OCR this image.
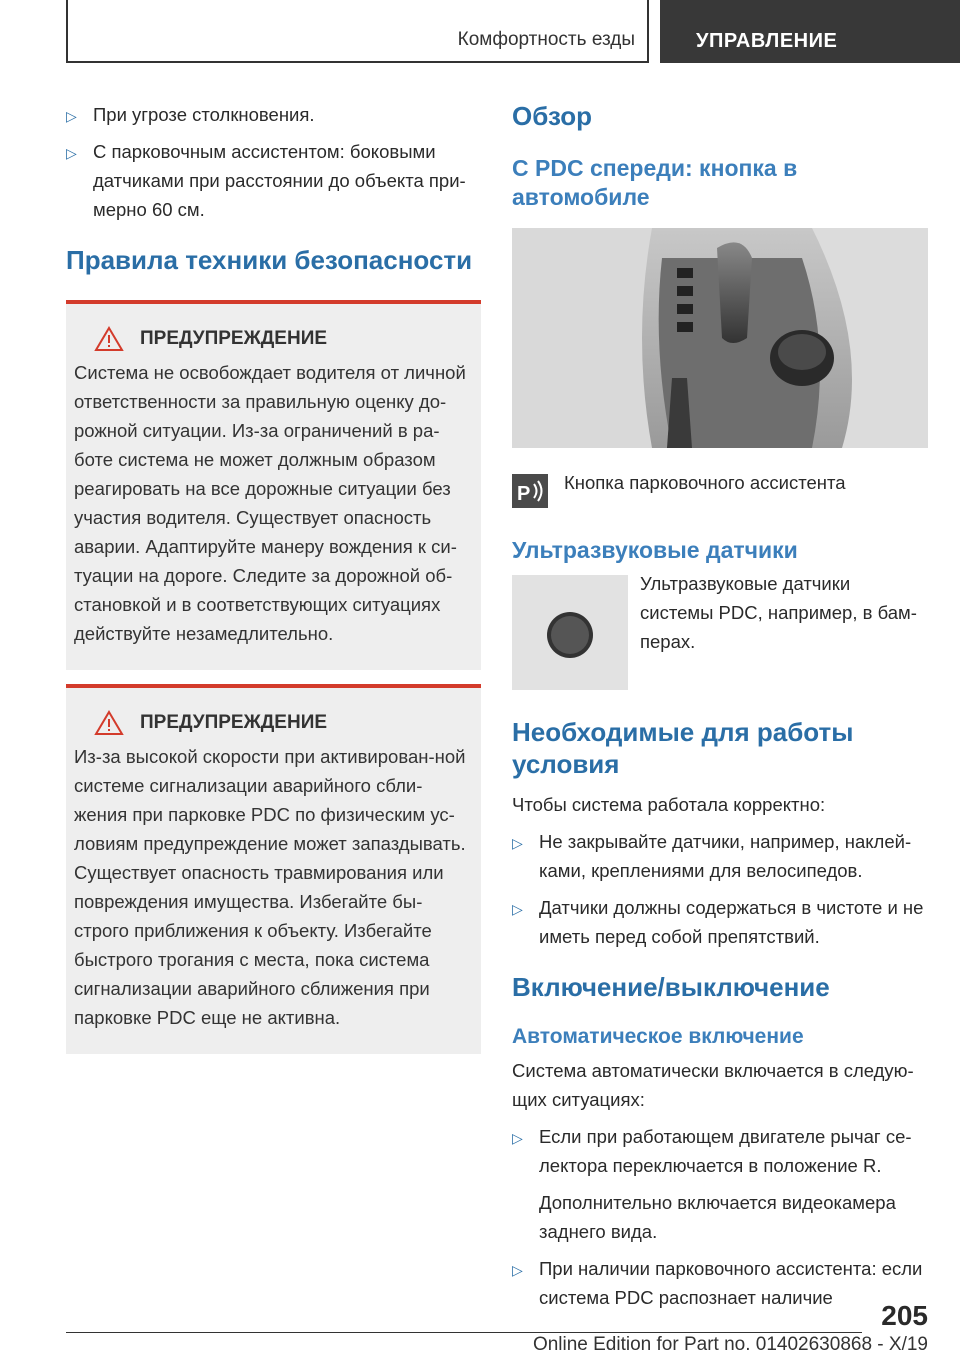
Комфортность езды	УПРАВЛЕНИЕ
▷ При угрозе столкновения.
▷ С парковочным ассистентом: боковыми датчиками при расстоянии до объекта при-мерно 60 см.
Правила техники безопасности
ПРЕДУПРЕЖДЕНИЕ
Система не освобождает водителя от личной ответственности за правильную оценку до-рожной ситуации. Из-за ограничений в ра-боте система не может должным образом реагировать на все дорожные ситуации без участия водителя. Существует опасность аварии. Адаптируйте манеру вождения к си-туации на дороге. Следите за дорожной об-становкой и в соответствующих ситуациях действуйте незамедлительно.
ПРЕДУПРЕЖДЕНИЕ
Из-за высокой скорости при активирован-ной системе сигнализации аварийного сбли-жения при парковке PDC по физическим ус-ловиям предупреждение может запаздывать. Существует опасность травмирования или повреждения имущества. Избегайте бы-строго приближения к объекту. Избегайте быстрого трогания с места, пока система сигнализации аварийного сближения при парковке PDC еще не активна.
Обзор
С PDC спереди: кнопка в автомобиле
P
Кнопка парковочного ассистента
Ультразвуковые датчики
Ультразвуковые датчики системы PDC, например, в бам-перах.
Необходимые для работы условия

Чтобы система работала корректно:

▷ Не закрывайте датчики, например, наклей-ками, креплениями для велосипедов.
▷ Датчики должны содержаться в чистоте и не иметь перед собой препятствий.
Включение/выключение
Автоматическое включение

Система автоматически включается в следую-щих ситуациях:

▷ Если при работающем двигателе рычаг се-лектора переключается в положение R.

Дополнительно включается видеокамера заднего вида.

▷ При наличии парковочного ассистента: если система PDC распознает наличие
205
Online Edition for Part no. 01402630868 - X/19
